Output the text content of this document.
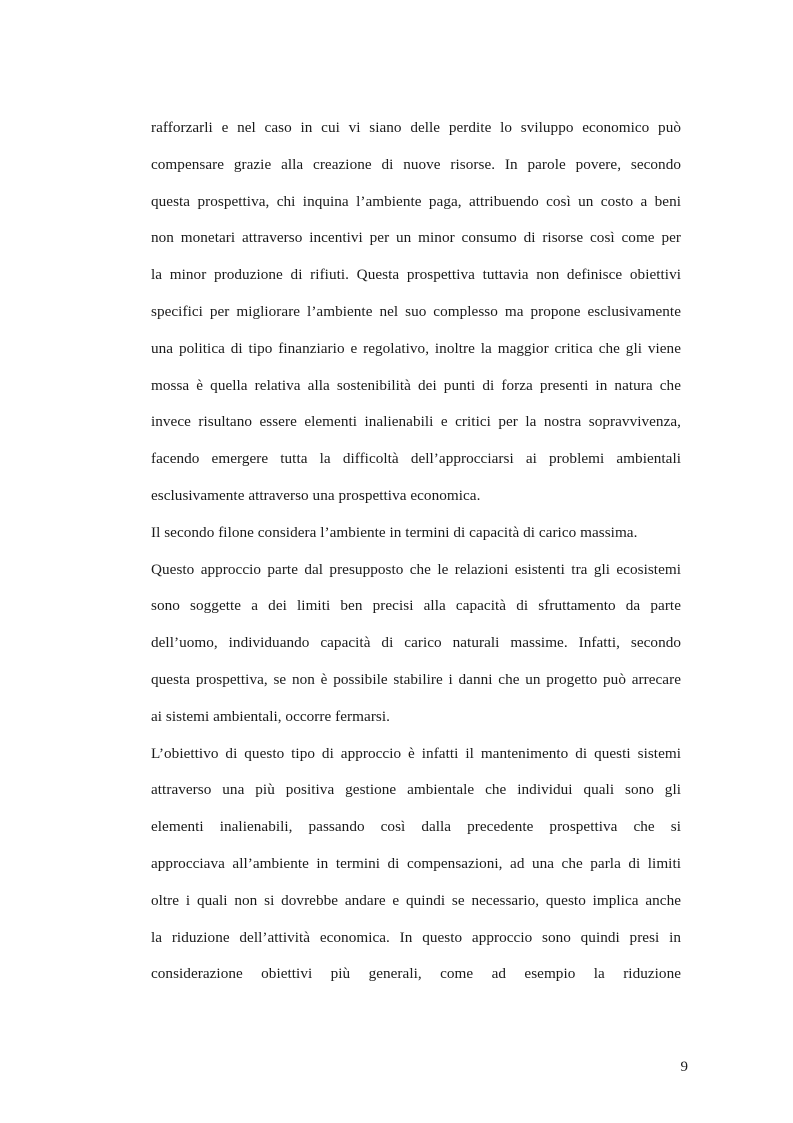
rafforzarli e nel caso in cui vi siano delle perdite lo sviluppo economico può
compensare grazie alla creazione di nuove risorse. In parole povere, secondo
questa prospettiva, chi inquina l’ambiente paga, attribuendo così un costo a beni
non monetari attraverso incentivi per un minor consumo di risorse così come per
la minor produzione di rifiuti. Questa prospettiva tuttavia non definisce obiettivi
specifici per migliorare l’ambiente nel suo complesso ma propone esclusivamente
una politica di tipo finanziario e regolativo, inoltre la maggior critica che gli viene
mossa è quella relativa alla sostenibilità dei punti di forza presenti in natura che
invece risultano essere elementi inalienabili e critici per la nostra sopravvivenza,
facendo emergere tutta la difficoltà dell’approcciarsi ai problemi ambientali
esclusivamente attraverso una prospettiva economica.
Il secondo filone considera l’ambiente in termini di capacità di carico massima.
Questo approccio parte dal presupposto che le relazioni esistenti tra gli ecosistemi
sono soggette a dei limiti ben precisi alla capacità di sfruttamento da parte
dell’uomo, individuando capacità di carico naturali massime. Infatti, secondo
questa prospettiva, se non è possibile stabilire i danni che un progetto può arrecare
ai sistemi ambientali, occorre fermarsi.
L’obiettivo di questo tipo di approccio è infatti il mantenimento di questi sistemi
attraverso una più positiva gestione ambientale che individui quali sono gli
elementi inalienabili, passando così dalla precedente prospettiva che si
approcciava all’ambiente in termini di compensazioni, ad una che parla di limiti
oltre i quali non si dovrebbe andare e quindi se necessario, questo implica anche
la riduzione dell’attività economica. In questo approccio sono quindi presi in
considerazione obiettivi più generali, come ad esempio la riduzione
9
